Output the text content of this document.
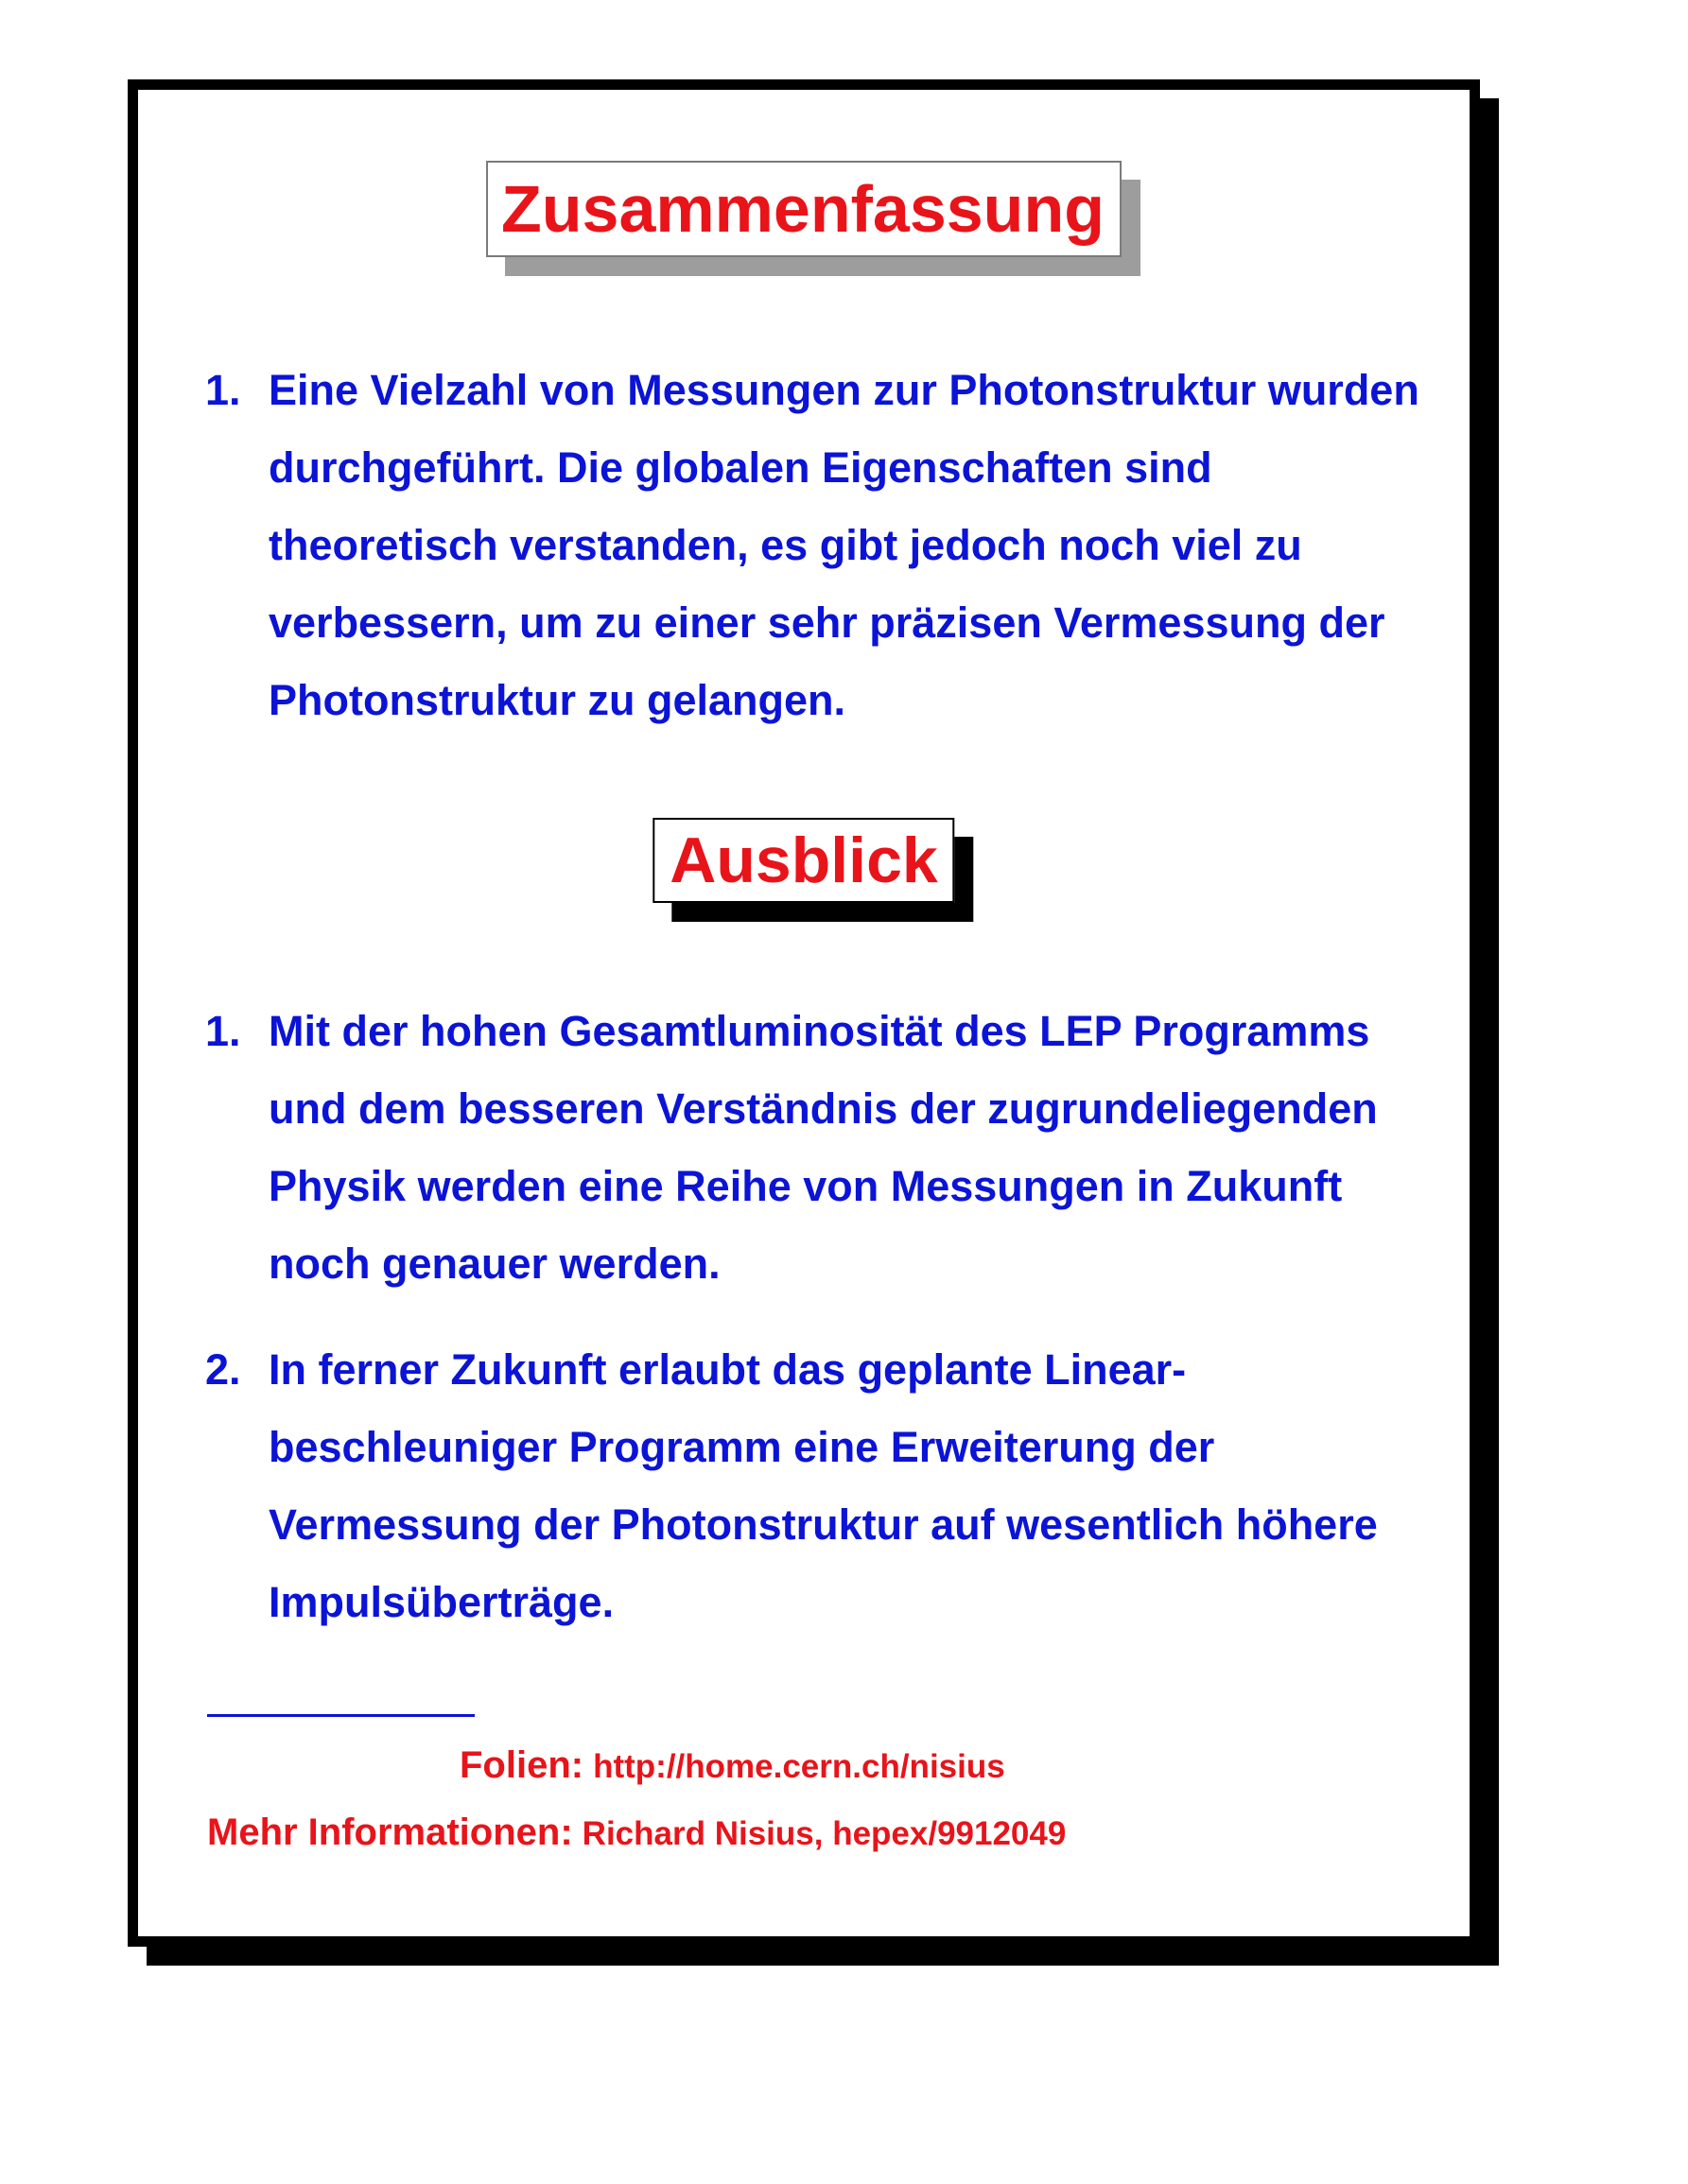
Zusammenfassung
1. Eine Vielzahl von Messungen zur Photonstruktur wurden durchgeführt. Die globalen Eigenschaften sind theoretisch verstanden, es gibt jedoch noch viel zu verbessern, um zu einer sehr präzisen Vermessung der Photonstruktur zu gelangen.
Ausblick
1. Mit der hohen Gesamtluminosität des LEP Programms und dem besseren Verständnis der zugrundeliegenden Physik werden eine Reihe von Messungen in Zukunft noch genauer werden.
2. In ferner Zukunft erlaubt das geplante Linear-beschleuniger Programm eine Erweiterung der Vermessung der Photonstruktur auf wesentlich höhere Impulsüberträge.
Folien: http://home.cern.ch/nisius
Mehr Informationen: Richard Nisius, hepex/9912049
